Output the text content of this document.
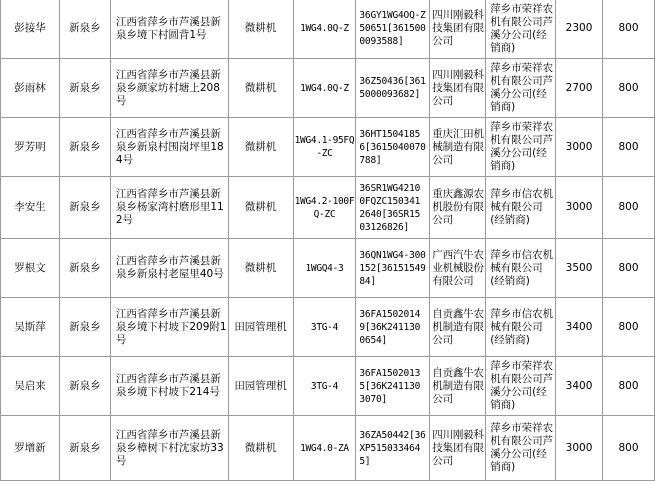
彭接华	新泉乡	江西省萍乡市芦溪县新泉乡境下村圆背1号	微耕机	1WG4.0Q-Z	36GY1WG4OQ-Z50651[3615000093588]	四川刚毅科技集团有限公司	萍乡市荣祥农机有限公司芦溪分公司(经销商)	2300	800
彭雨林	新泉乡	江西省萍乡市芦溪县新泉乡颜家坊村塘上208号	微耕机	1WG4.0Q-Z	36Z50436[3615000093682]	四川刚毅科技集团有限公司	萍乡市荣祥农机有限公司芦溪分公司(经销商)	2700	800
罗芳明	新泉乡	江西省萍乡市芦溪县新泉乡新泉村围岗坪里184号	微耕机	1WG4.1-95FQ-ZC	36HT1504185 6[3615040070788]	重庆汇田机械制造有限公司	萍乡市荣祥农机有限公司芦溪分公司(经销商)	3000	800
李安生	新泉乡	江西省萍乡市芦溪县新泉乡杨家湾村磨形里112号	微耕机	1WG4.2-100FQ-ZC	36SR1WG4210 0FQZC150341 2640[36SR15 03126826]	重庆鑫源农机股份有限公司	萍乡市信农机械有限公司(经销商)	3000	800
罗根文	新泉乡	江西省萍乡市芦溪县新泉乡新泉村老屋里40号	微耕机	1WGQ4-3	36QN1WG4-300152[3615154984]	广西汽牛农业机械股份有限公司	萍乡市信农机械有限公司(经销商)	3500	800
吴斯萍	新泉乡	江西省萍乡市芦溪县新泉乡境下村坡下209附1号	田园管理机	3TG-4	36FA1502014 9[36K241130 0654]	自贡鑫牛农机制造有限公司	萍乡市信农机械有限公司(经销商)	3400	800
吴启来	新泉乡	江西省萍乡市芦溪县新泉乡境下村坡下214号	田园管理机	3TG-4	36FA1502013 5[36K241130 3070]	自贡鑫牛农机制造有限公司	萍乡市荣祥农机有限公司芦溪分公司(经销商)	3400	800
罗增新	新泉乡	江西省萍乡市芦溪县新泉乡樟树下村沈家坊33号	微耕机	1WG4.0-ZA	36ZA50442[36XP5150334645]	四川刚毅科技集团有限公司	萍乡市荣祥农机有限公司芦溪分公司(经销商)	3000	800
